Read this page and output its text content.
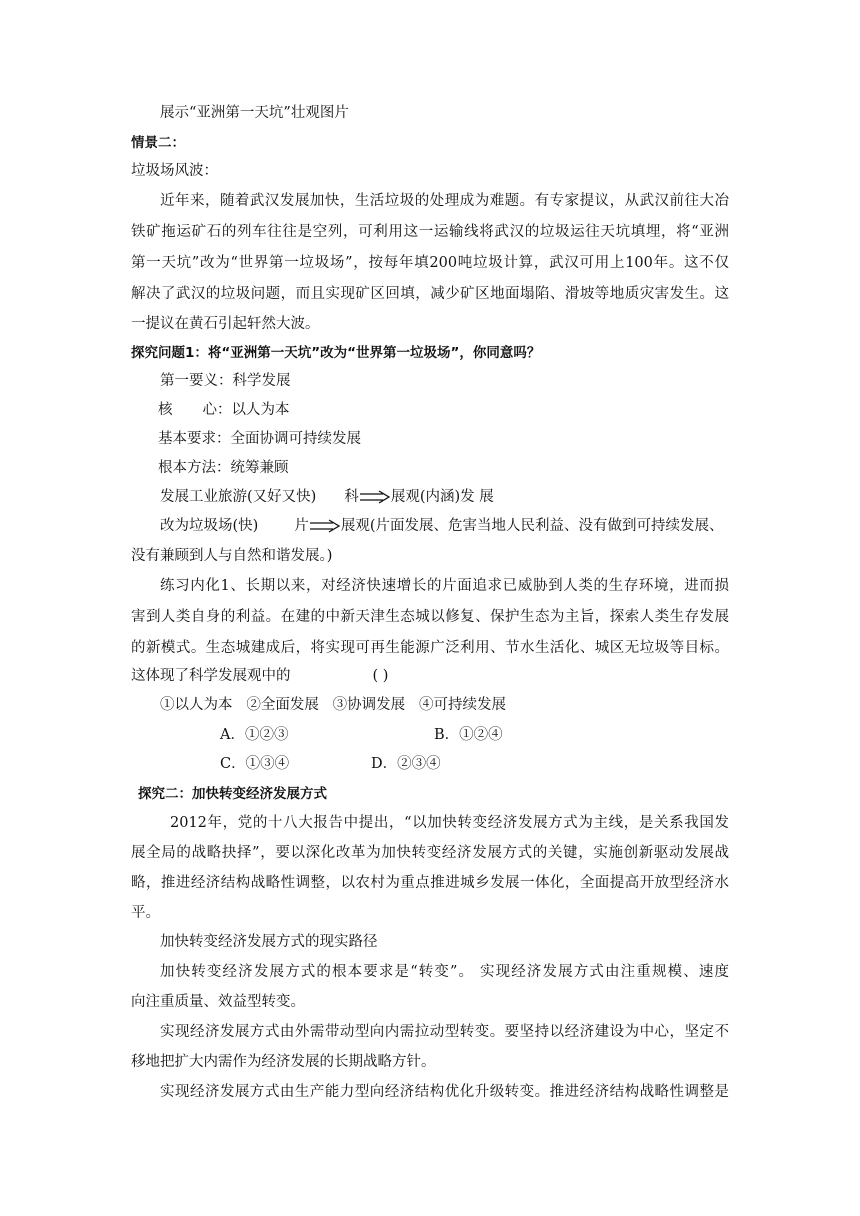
展示“亚洲第一天坑”壮观图片
情景二：
垃圾场风波：
近年来，随着武汉发展加快，生活垃圾的处理成为难题。有专家提议，从武汉前往大冶
铁矿拖运矿石的列车往往是空列，可利用这一运输线将武汉的垃圾运往天坑填埋，将“亚洲
第一天坑”改为“世界第一垃圾场”，按每年填200吨垃圾计算，武汉可用上100年。这不仅
解决了武汉的垃圾问题，而且实现矿区回填，减少矿区地面塌陷、滑坡等地质灾害发生。这
一提议在黄石引起轩然大波。
探究问题1：将“亚洲第一天坑”改为“世界第一垃圾场”，你同意吗？
第一要义：科学发展
核 心：以人为本
基本要求：全面协调可持续发展
根本方法：统筹兼顾
发展工业旅游(又好又快) 科 展观(内涵)发 展
改为垃圾场(快) 片 展观(片面发展、危害当地人民利益、没有做到可持续发展、
没有兼顾到人与自然和谐发展。)
练习内化1、长期以来，对经济快速增长的片面追求已威胁到人类的生存环境，进而损
害到人类自身的利益。在建的中新天津生态城以修复、保护生态为主旨，探索人类生存发展
的新模式。生态城建成后，将实现可再生能源广泛利用、节水生活化、城区无垃圾等目标。
这体现了科学发展观中的	( )
①以人为本   ②全面发展   ③协调发展   ④可持续发展
A．①②③	B．①②④
C．①③④	D．②③④
探究二：加快转变经济发展方式
2012年，党的十八大报告中提出，“以加快转变经济发展方式为主线，是关系我国发
展全局的战略抉择”，要以深化改革为加快转变经济发展方式的关键，实施创新驱动发展战
略，推进经济结构战略性调整，以农村为重点推进城乡发展一体化，全面提高开放型经济水
平。
加快转变经济发展方式的现实路径
加快转变经济发展方式的根本要求是“转变”。 实现经济发展方式由注重规模、速度
向注重质量、效益型转变。
实现经济发展方式由外需带动型向内需拉动型转变。要坚持以经济建设为中心，坚定不
移地把扩大内需作为经济发展的长期战略方针。
实现经济发展方式由生产能力型向经济结构优化升级转变。推进经济结构战略性调整是
